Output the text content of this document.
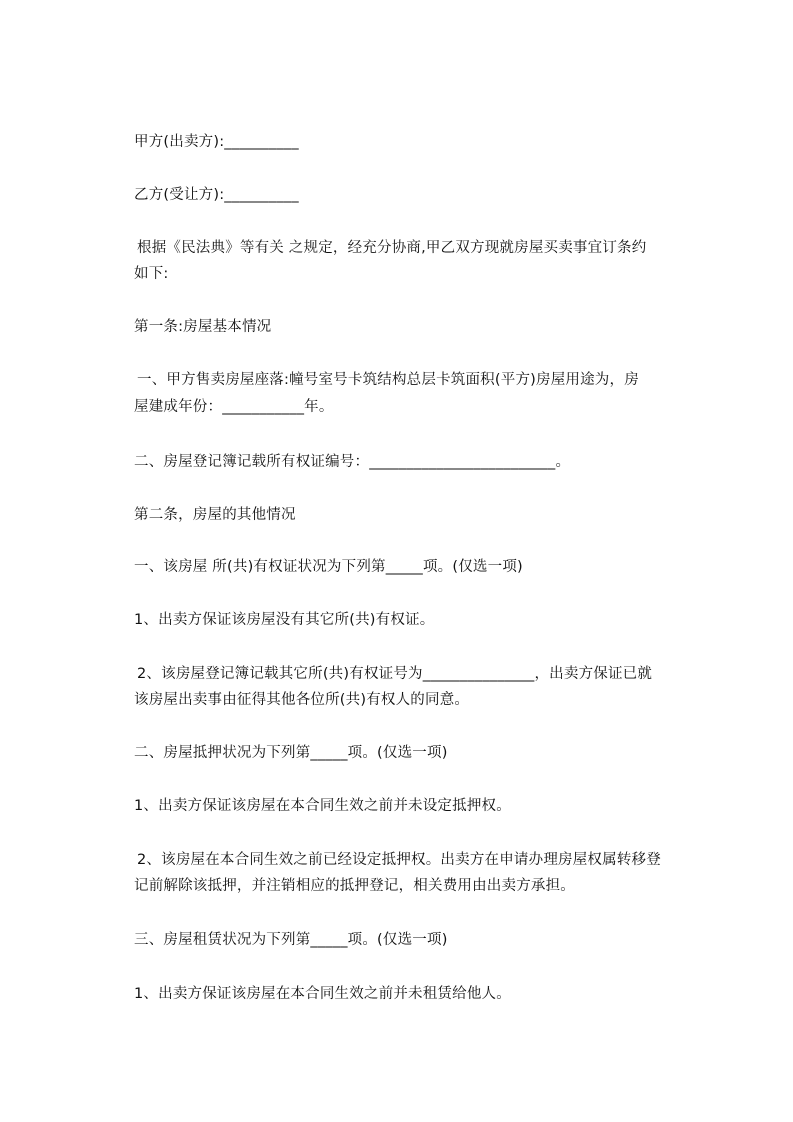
甲方(出卖方):__________
乙方(受让方):__________
根据《民法典》等有关 之规定，经充分协商,甲乙双方现就房屋买卖事宜订条约
如下:
第一条:房屋基本情况
一、甲方售卖房屋座落:幢号室号卡筑结构总层卡筑面积(平方)房屋用途为，房
屋建成年份：___________年。
二、房屋登记簿记载所有权证编号：_________________________。
第二条，房屋的其他情况
一、该房屋 所(共)有权证状况为下列第_____项。(仅选一项)
1、出卖方保证该房屋没有其它所(共)有权证。
2、该房屋登记簿记载其它所(共)有权证号为_______________，出卖方保证已就
该房屋出卖事由征得其他各位所(共)有权人的同意。
二、房屋抵押状况为下列第_____项。(仅选一项)
1、出卖方保证该房屋在本合同生效之前并未设定抵押权。
2、该房屋在本合同生效之前已经设定抵押权。出卖方在申请办理房屋权属转移登
记前解除该抵押，并注销相应的抵押登记，相关费用由出卖方承担。
三、房屋租赁状况为下列第_____项。(仅选一项)
1、出卖方保证该房屋在本合同生效之前并未租赁给他人。
